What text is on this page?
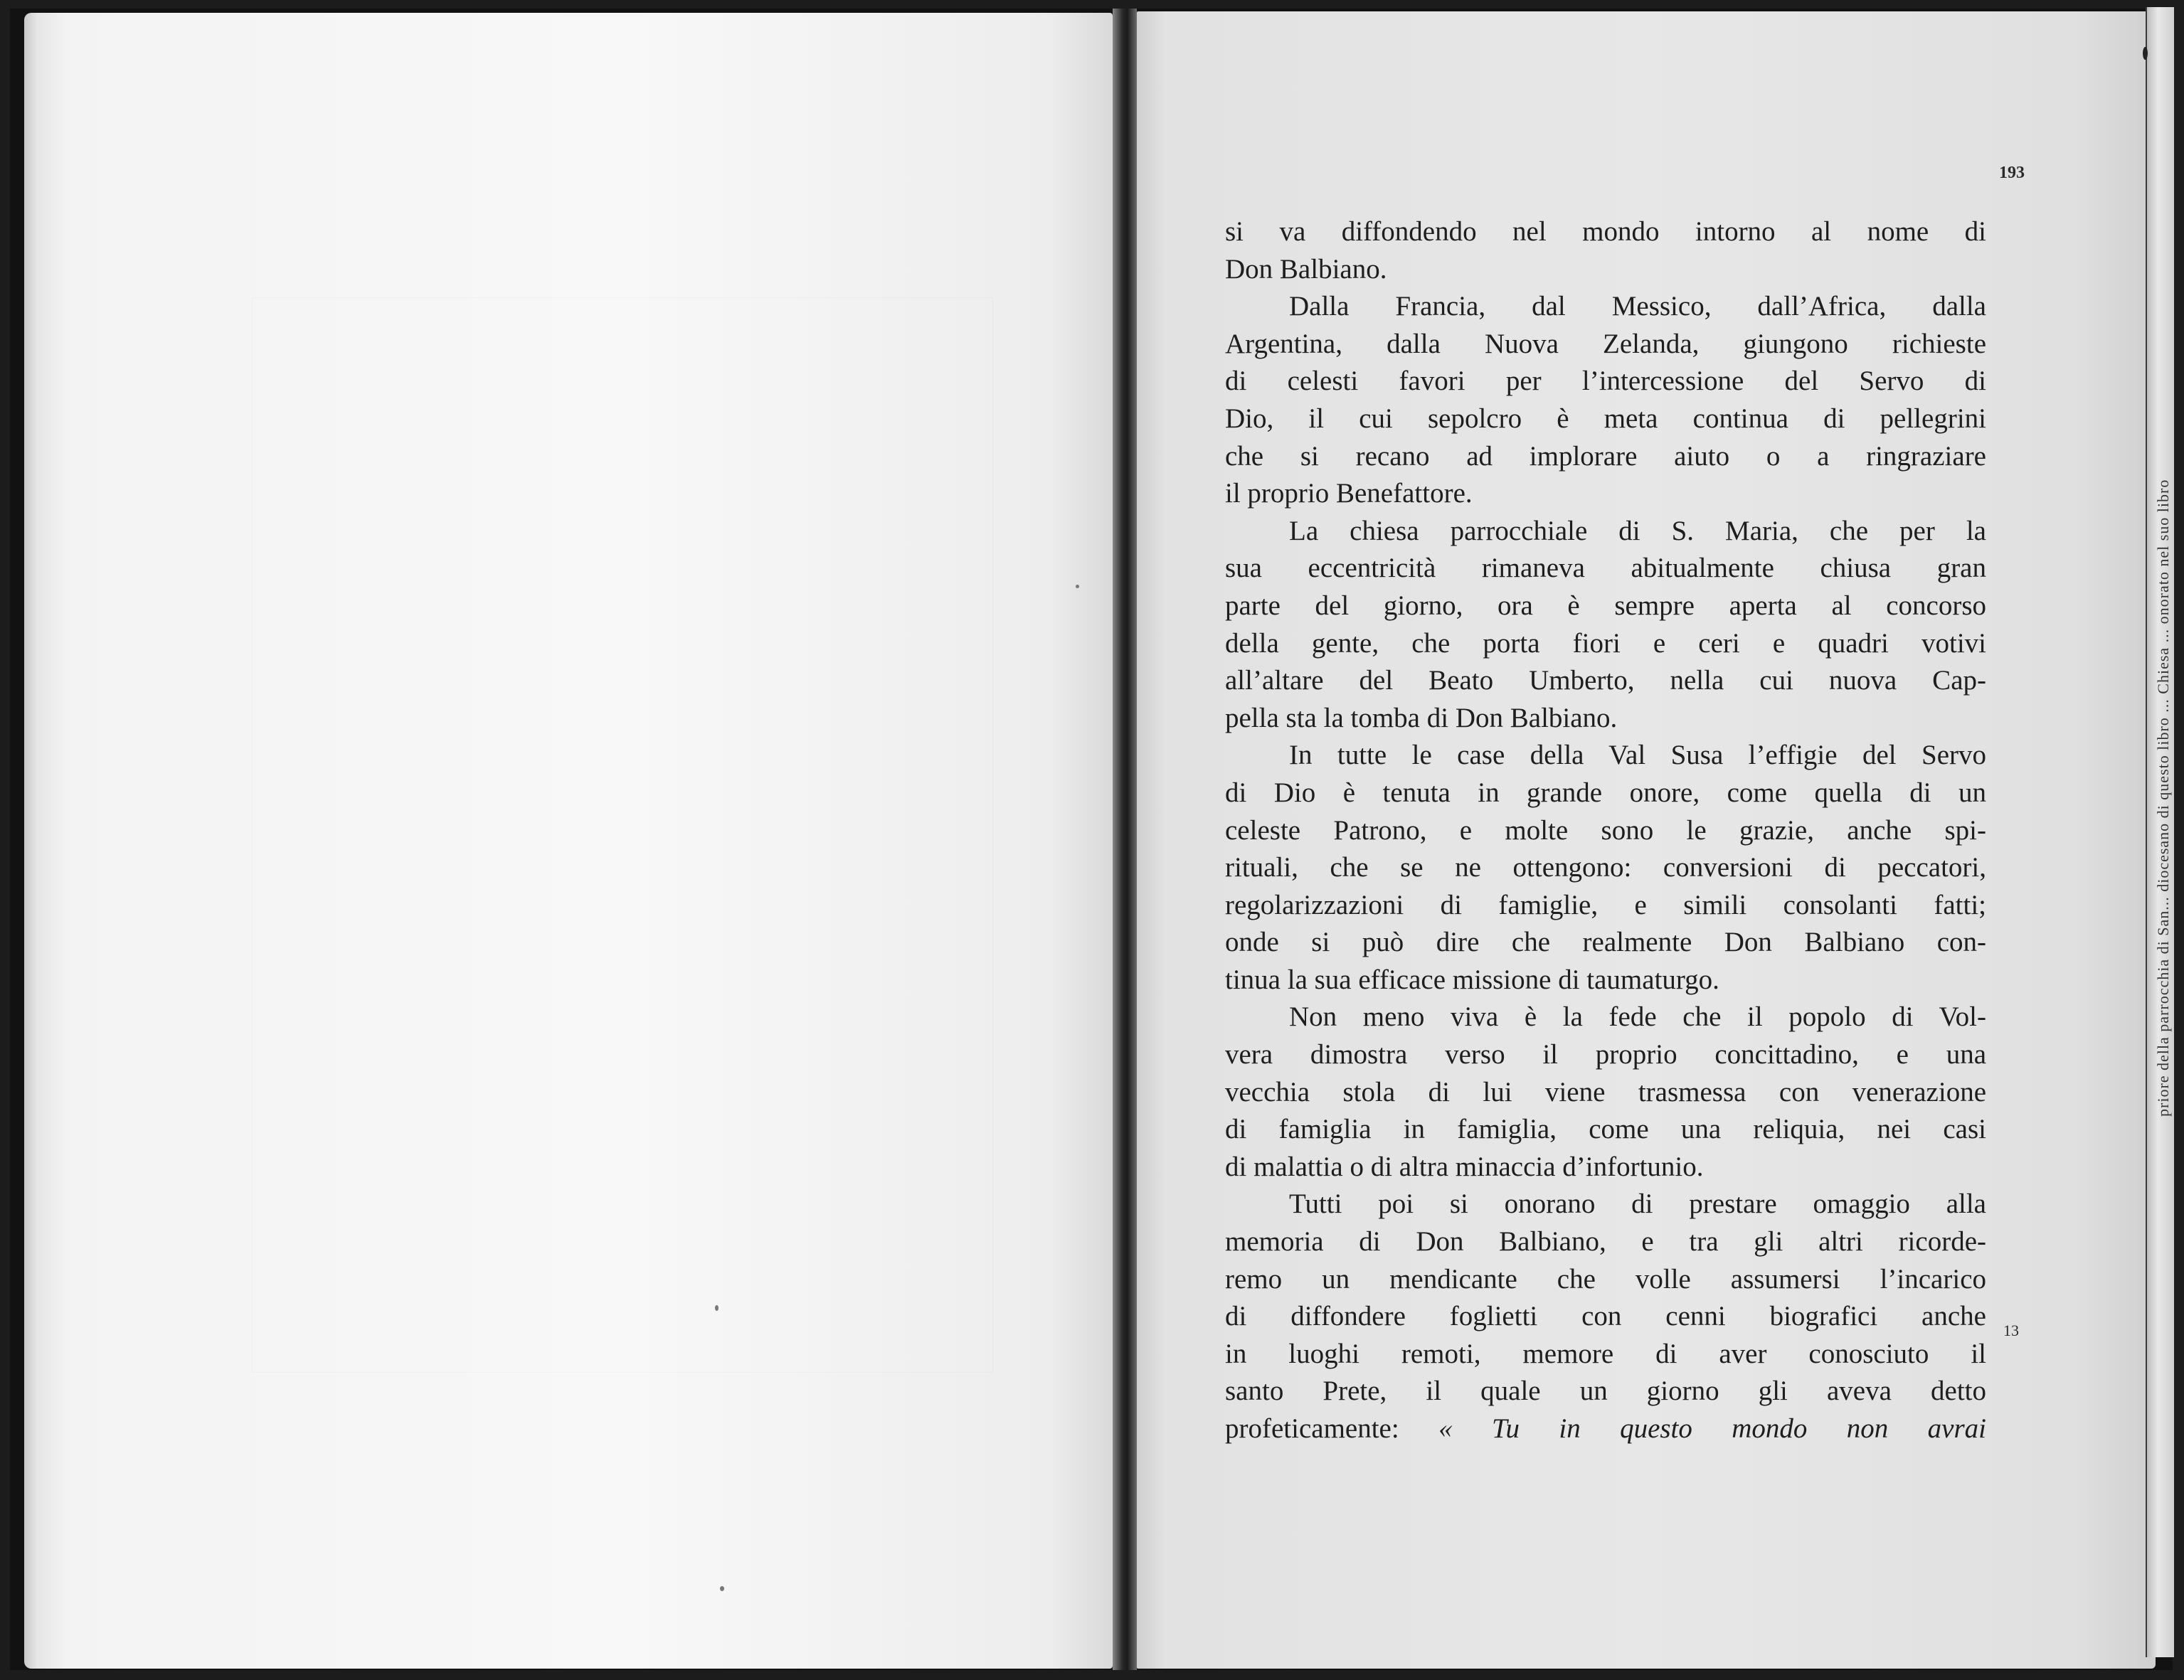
priore della parrocchia di San... diocesano di questo libro ... Chiesa ... onorato nel suo libro
193

si va diffondendo nel mondo intorno al nome di

Don Balbiano.

Dalla Francia, dal Messico, dall’Africa, dalla

Argentina, dalla Nuova Zelanda, giungono richieste

di celesti favori per l’intercessione del Servo di

Dio, il cui sepolcro è meta continua di pellegrini

che si recano ad implorare aiuto o a ringraziare

il proprio Benefattore.

La chiesa parrocchiale di S. Maria, che per la

sua eccentricità rimaneva abitualmente chiusa gran

parte del giorno, ora è sempre aperta al concorso

della gente, che porta fiori e ceri e quadri votivi

all’altare del Beato Umberto, nella cui nuova Cap-

pella sta la tomba di Don Balbiano.

In tutte le case della Val Susa l’effigie del Servo

di Dio è tenuta in grande onore, come quella di un

celeste Patrono, e molte sono le grazie, anche spi-

rituali, che se ne ottengono: conversioni di peccatori,

regolarizzazioni di famiglie, e simili consolanti fatti;

onde si può dire che realmente Don Balbiano con-

tinua la sua efficace missione di taumaturgo.

Non meno viva è la fede che il popolo di Vol-

vera dimostra verso il proprio concittadino, e una

vecchia stola di lui viene trasmessa con venerazione

di famiglia in famiglia, come una reliquia, nei casi

di malattia o di altra minaccia d’infortunio.

Tutti poi si onorano di prestare omaggio alla

memoria di Don Balbiano, e tra gli altri ricorde-

remo un mendicante che volle assumersi l’incarico

di diffondere foglietti con cenni biografici anche

in luoghi remoti, memore di aver conosciuto il

santo Prete, il quale un giorno gli aveva detto

profeticamente: « Tu in questo mondo non avrai

13
